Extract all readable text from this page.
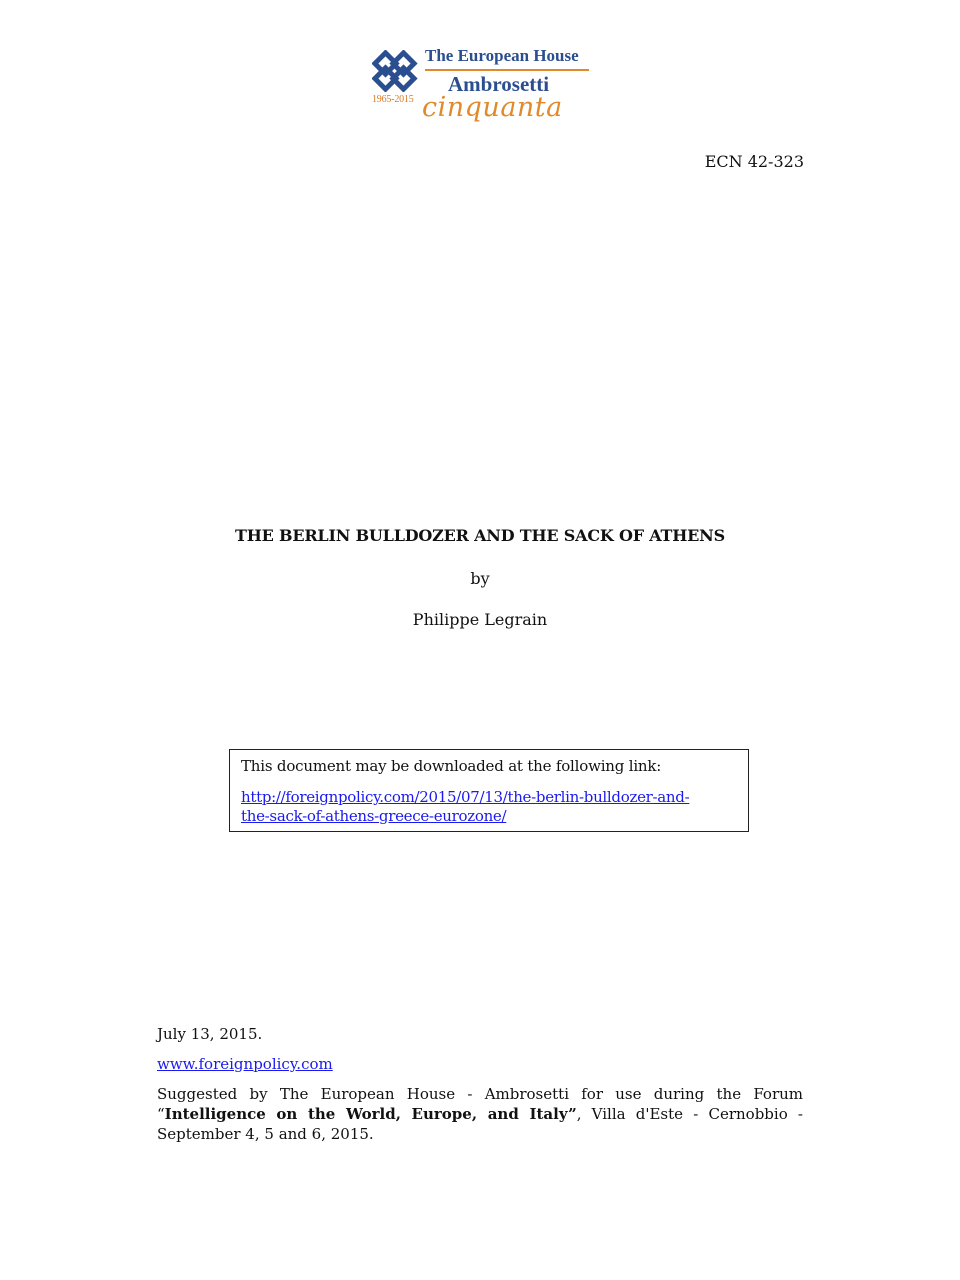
1965-2015
The European House
Ambrosetti
cinquanta
ECN 42-323
THE BERLIN BULLDOZER AND THE SACK OF ATHENS
by
Philippe Legrain

This document may be downloaded at the following link:

http://foreignpolicy.com/2015/07/13/the-berlin-bulldozer-and-
the-sack-of-athens-greece-eurozone/

July 13, 2015.

www.foreignpolicy.com

Suggested by The European House - Ambrosetti for use during the Forum “Intelligence on the World, Europe, and Italy”, Villa d'Este - Cernobbio - September 4, 5 and 6, 2015.
